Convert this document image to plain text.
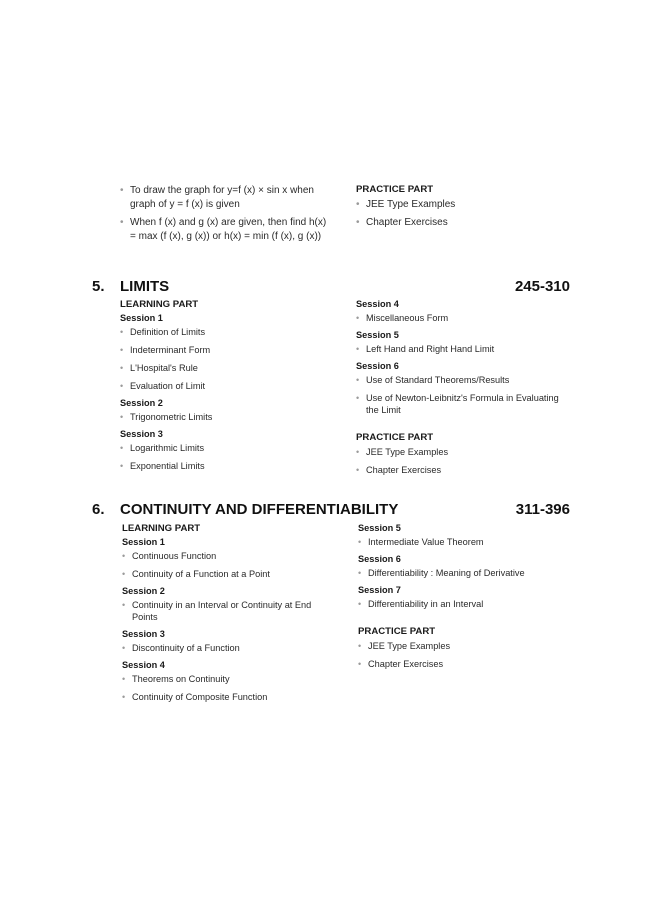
• To draw the graph for y=f (x) × sin x when graph of y = f (x) is given
• When f (x) and g (x) are given, then find h(x) = max (f (x), g (x)) or h(x) = min (f (x), g (x))
PRACTICE PART
• JEE Type Examples
• Chapter Exercises
5. LIMITS	245-310
LEARNING PART
Session 1
• Definition of Limits
• Indeterminant Form
• L'Hospital's Rule
• Evaluation of Limit
Session 2
• Trigonometric Limits
Session 3
• Logarithmic Limits
• Exponential Limits
Session 4
• Miscellaneous Form
Session 5
• Left Hand and Right Hand Limit
Session 6
• Use of Standard Theorems/Results
• Use of Newton-Leibnitz's Formula in Evaluating the Limit
PRACTICE PART
• JEE Type Examples
• Chapter Exercises
6. CONTINUITY AND DIFFERENTIABILITY	311-396
LEARNING PART
Session 1
• Continuous Function
• Continuity of a Function at a Point
Session 2
• Continuity in an Interval or Continuity at End Points
Session 3
• Discontinuity of a Function
Session 4
• Theorems on Continuity
• Continuity of Composite Function
Session 5
• Intermediate Value Theorem
Session 6
• Differentiability : Meaning of Derivative
Session 7
• Differentiability in an Interval
PRACTICE PART
• JEE Type Examples
• Chapter Exercises
